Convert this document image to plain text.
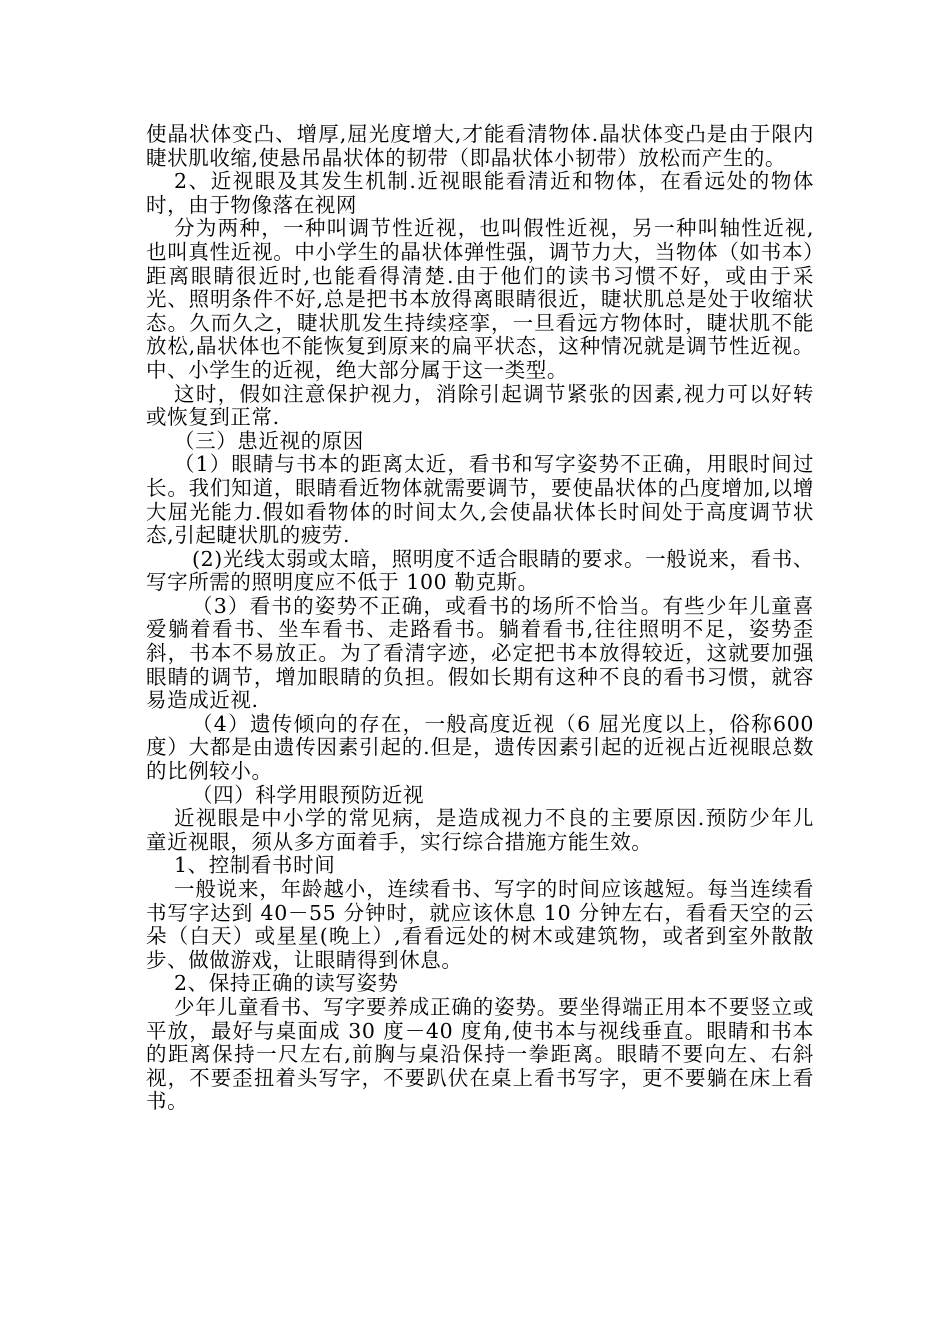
使晶状体变凸、增厚,屈光度增大,才能看清物体.晶状体变凸是由于限内睫状肌收缩,使悬吊晶状体的韧带（即晶状体小韧带）放松而产生的。

2、近视眼及其发生机制.近视眼能看清近和物体，在看远处的物体时，由于物像落在视网

分为两种，一种叫调节性近视，也叫假性近视，另一种叫轴性近视,也叫真性近视。中小学生的晶状体弹性强，调节力大，当物体（如书本）距离眼睛很近时,也能看得清楚.由于他们的读书习惯不好，或由于采光、照明条件不好,总是把书本放得离眼睛很近，睫状肌总是处于收缩状态。久而久之，睫状肌发生持续痉挛，一旦看远方物体时，睫状肌不能放松,晶状体也不能恢复到原来的扁平状态，这种情况就是调节性近视。中、小学生的近视，绝大部分属于这一类型。

这时，假如注意保护视力，消除引起调节紧张的因素,视力可以好转或恢复到正常.

（三）患近视的原因

（1）眼睛与书本的距离太近，看书和写字姿势不正确，用眼时间过长。我们知道，眼睛看近物体就需要调节，要使晶状体的凸度增加,以增大屈光能力.假如看物体的时间太久,会使晶状体长时间处于高度调节状态,引起睫状肌的疲劳.

(2)光线太弱或太暗，照明度不适合眼睛的要求。一般说来，看书、写字所需的照明度应不低于 100 勒克斯。

（3）看书的姿势不正确，或看书的场所不恰当。有些少年儿童喜爱躺着看书、坐车看书、走路看书。躺着看书,往往照明不足，姿势歪斜，书本不易放正。为了看清字迹，必定把书本放得较近，这就要加强眼睛的调节，增加眼睛的负担。假如长期有这种不良的看书习惯，就容易造成近视.

（4）遗传倾向的存在，一般高度近视（6 屈光度以上，俗称600 度）大都是由遗传因素引起的.但是，遗传因素引起的近视占近视眼总数的比例较小。

（四）科学用眼预防近视

近视眼是中小学的常见病，是造成视力不良的主要原因.预防少年儿童近视眼，须从多方面着手，实行综合措施方能生效。

1、控制看书时间

一般说来，年龄越小，连续看书、写字的时间应该越短。每当连续看书写字达到 40－55 分钟时，就应该休息 10 分钟左右，看看天空的云朵（白天）或星星(晚上）,看看远处的树木或建筑物，或者到室外散散步、做做游戏，让眼睛得到休息。

2、保持正确的读写姿势

少年儿童看书、写字要养成正确的姿势。要坐得端正用本不要竖立或平放，最好与桌面成 30 度－40 度角,使书本与视线垂直。眼睛和书本的距离保持一尺左右,前胸与桌沿保持一拳距离。眼睛不要向左、右斜视，不要歪扭着头写字，不要趴伏在桌上看书写字，更不要躺在床上看书。
